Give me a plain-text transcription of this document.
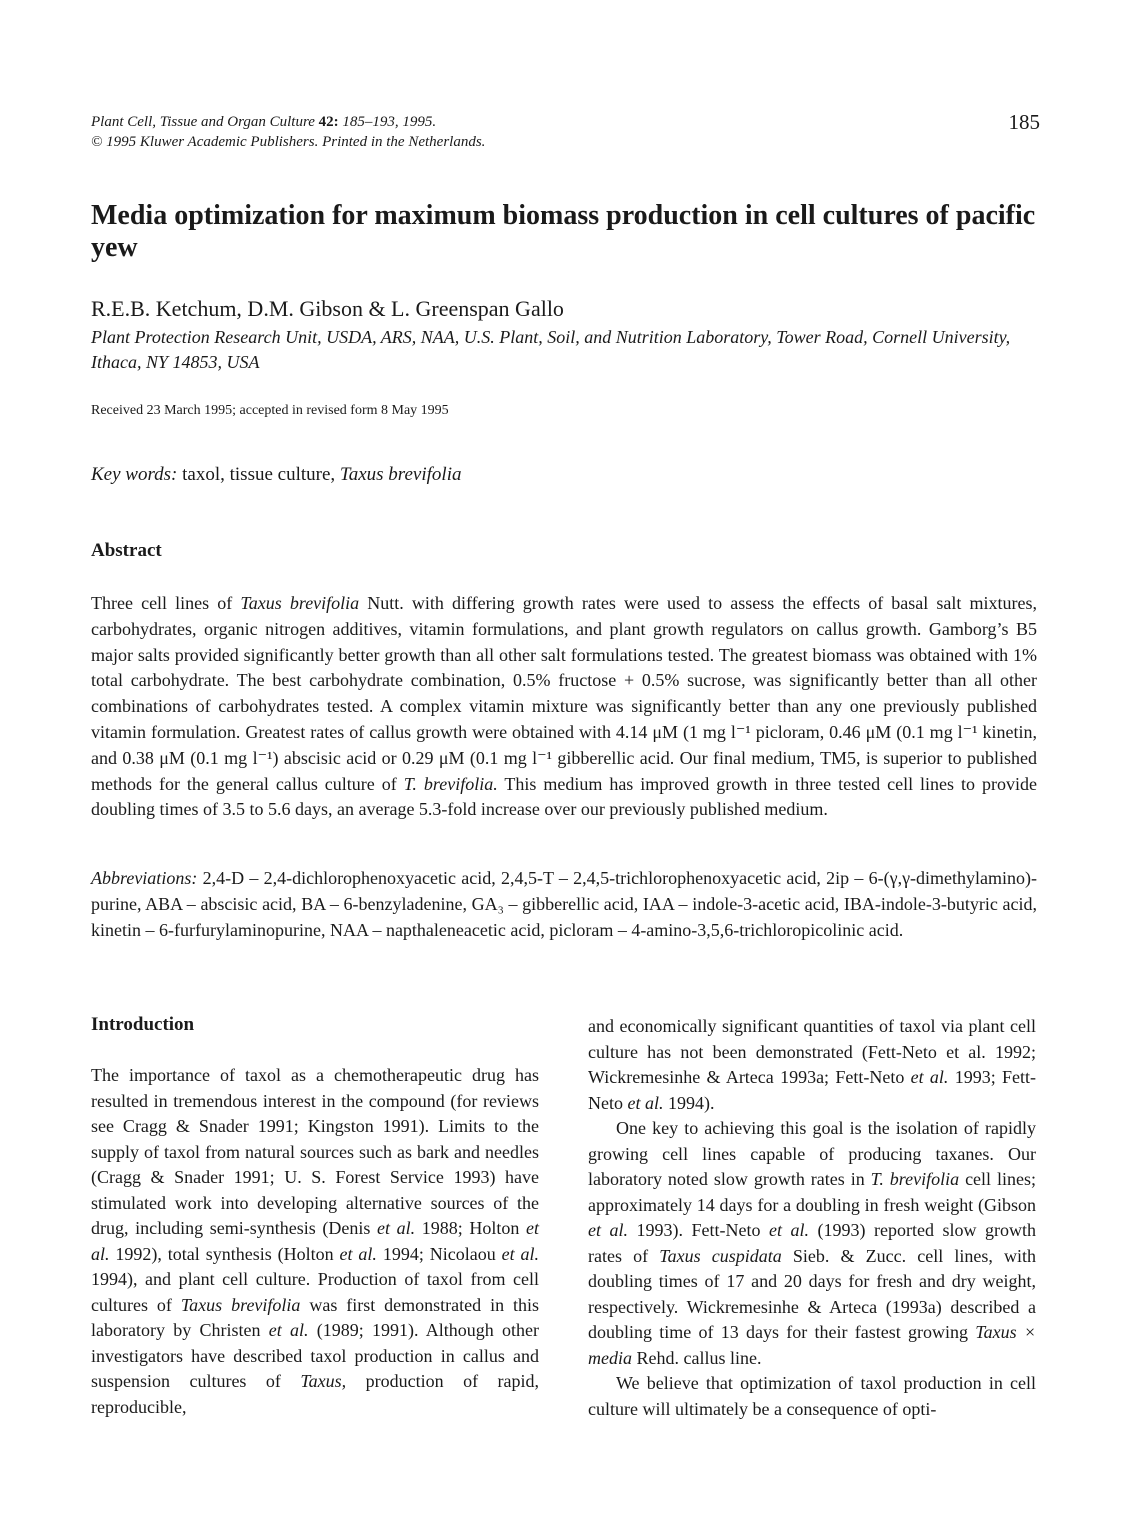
Plant Cell, Tissue and Organ Culture 42: 185–193, 1995.
© 1995 Kluwer Academic Publishers. Printed in the Netherlands.
185
Media optimization for maximum biomass production in cell cultures of pacific yew
R.E.B. Ketchum, D.M. Gibson & L. Greenspan Gallo
Plant Protection Research Unit, USDA, ARS, NAA, U.S. Plant, Soil, and Nutrition Laboratory, Tower Road, Cornell University, Ithaca, NY 14853, USA
Received 23 March 1995; accepted in revised form 8 May 1995
Key words: taxol, tissue culture, Taxus brevifolia
Abstract
Three cell lines of Taxus brevifolia Nutt. with differing growth rates were used to assess the effects of basal salt mixtures, carbohydrates, organic nitrogen additives, vitamin formulations, and plant growth regulators on callus growth. Gamborg’s B5 major salts provided significantly better growth than all other salt formulations tested. The greatest biomass was obtained with 1% total carbohydrate. The best carbohydrate combination, 0.5% fructose + 0.5% sucrose, was significantly better than all other combinations of carbohydrates tested. A complex vitamin mixture was significantly better than any one previously published vitamin formulation. Greatest rates of callus growth were obtained with 4.14 μM (1 mg l⁻¹ picloram, 0.46 μM (0.1 mg l⁻¹ kinetin, and 0.38 μM (0.1 mg l⁻¹) abscisic acid or 0.29 μM (0.1 mg l⁻¹ gibberellic acid. Our final medium, TM5, is superior to published methods for the general callus culture of T. brevifolia. This medium has improved growth in three tested cell lines to provide doubling times of 3.5 to 5.6 days, an average 5.3-fold increase over our previously published medium.
Abbreviations: 2,4-D – 2,4-dichlorophenoxyacetic acid, 2,4,5-T – 2,4,5-trichlorophenoxyacetic acid, 2ip – 6-(γ,γ-dimethylamino)-purine, ABA – abscisic acid, BA – 6-benzyladenine, GA₃ – gibberellic acid, IAA – indole-3-acetic acid, IBA-indole-3-butyric acid, kinetin – 6-furfurylaminopurine, NAA – napthaleneacetic acid, picloram – 4-amino-3,5,6-trichloropicolinic acid.
Introduction

The importance of taxol as a chemotherapeutic drug has resulted in tremendous interest in the compound (for reviews see Cragg & Snader 1991; Kingston 1991). Limits to the supply of taxol from natural sources such as bark and needles (Cragg & Snader 1991; U. S. Forest Service 1993) have stimulated work into developing alternative sources of the drug, including semi-synthesis (Denis et al. 1988; Holton et al. 1992), total synthesis (Holton et al. 1994; Nicolaou et al. 1994), and plant cell culture. Production of taxol from cell cultures of Taxus brevifolia was first demonstrated in this laboratory by Christen et al. (1989; 1991). Although other investigators have described taxol production in callus and suspension cultures of Taxus, production of rapid, reproducible,

and economically significant quantities of taxol via plant cell culture has not been demonstrated (Fett-Neto et al. 1992; Wickremesinhe & Arteca 1993a; Fett-Neto et al. 1993; Fett-Neto et al. 1994).

One key to achieving this goal is the isolation of rapidly growing cell lines capable of producing taxanes. Our laboratory noted slow growth rates in T. brevifolia cell lines; approximately 14 days for a doubling in fresh weight (Gibson et al. 1993). Fett-Neto et al. (1993) reported slow growth rates of Taxus cuspidata Sieb. & Zucc. cell lines, with doubling times of 17 and 20 days for fresh and dry weight, respectively. Wickremesinhe & Arteca (1993a) described a doubling time of 13 days for their fastest growing Taxus × media Rehd. callus line.

We believe that optimization of taxol production in cell culture will ultimately be a consequence of opti-
